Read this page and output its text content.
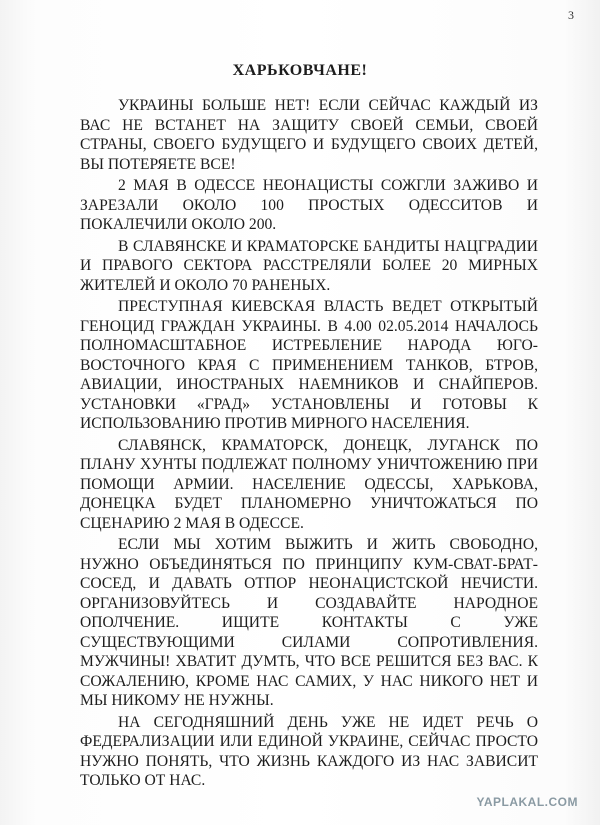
3
ХАРЬКОВЧАНЕ!

УКРАИНЫ БОЛЬШЕ НЕТ! ЕСЛИ СЕЙЧАС КАЖДЫЙ ИЗ ВАС НЕ ВСТАНЕТ НА ЗАЩИТУ СВОЕЙ СЕМЬИ, СВОЕЙ СТРАНЫ, СВОЕГО БУДУЩЕГО И БУДУЩЕГО СВОИХ ДЕТЕЙ, ВЫ ПОТЕРЯЕТЕ ВСЕ!

2 МАЯ В ОДЕССЕ НЕОНАЦИСТЫ СОЖГЛИ ЗАЖИВО И ЗАРЕЗАЛИ ОКОЛО 100 ПРОСТЫХ ОДЕССИТОВ И ПОКАЛЕЧИЛИ ОКОЛО 200.

В СЛАВЯНСКЕ И КРАМАТОРСКЕ БАНДИТЫ НАЦГРАДИИ И ПРАВОГО СЕКТОРА РАССТРЕЛЯЛИ БОЛЕЕ 20 МИРНЫХ ЖИТЕЛЕЙ И ОКОЛО 70 РАНЕНЫХ.

ПРЕСТУПНАЯ КИЕВСКАЯ ВЛАСТЬ ВЕДЕТ ОТКРЫТЫЙ ГЕНОЦИД ГРАЖДАН УКРАИНЫ. В 4.00 02.05.2014 НАЧАЛОСЬ ПОЛНОМАСШТАБНОЕ ИСТРЕБЛЕНИЕ НАРОДА ЮГО-ВОСТОЧНОГО КРАЯ С ПРИМЕНЕНИЕМ ТАНКОВ, БТРОВ, АВИАЦИИ, ИНОСТРАНЫХ НАЕМНИКОВ И СНАЙПЕРОВ. УСТАНОВКИ «ГРАД» УСТАНОВЛЕНЫ И ГОТОВЫ К ИСПОЛЬЗОВАНИЮ ПРОТИВ МИРНОГО НАСЕЛЕНИЯ.

СЛАВЯНСК, КРАМАТОРСК, ДОНЕЦК, ЛУГАНСК ПО ПЛАНУ ХУНТЫ ПОДЛЕЖАТ ПОЛНОМУ УНИЧТОЖЕНИЮ ПРИ ПОМОЩИ АРМИИ. НАСЕЛЕНИЕ ОДЕССЫ, ХАРЬКОВА, ДОНЕЦКА БУДЕТ ПЛАНОМЕРНО УНИЧТОЖАТЬСЯ ПО СЦЕНАРИЮ 2 МАЯ В ОДЕССЕ.

ЕСЛИ МЫ ХОТИМ ВЫЖИТЬ И ЖИТЬ СВОБОДНО, НУЖНО ОБЪЕДИНЯТЬСЯ ПО ПРИНЦИПУ КУМ-СВАТ-БРАТ-СОСЕД, И ДАВАТЬ ОТПОР НЕОНАЦИСТСКОЙ НЕЧИСТИ. ОРГАНИЗОВУЙТЕСЬ И СОЗДАВАЙТЕ НАРОДНОЕ ОПОЛЧЕНИЕ. ИЩИТЕ КОНТАКТЫ С УЖЕ СУЩЕСТВУЮЩИМИ СИЛАМИ СОПРОТИВЛЕНИЯ. МУЖЧИНЫ! ХВАТИТ ДУМТЬ, ЧТО ВСЕ РЕШИТСЯ БЕЗ ВАС. К СОЖАЛЕНИЮ, КРОМЕ НАС САМИХ, У НАС НИКОГО НЕТ И МЫ НИКОМУ НЕ НУЖНЫ.

НА СЕГОДНЯШНИЙ ДЕНЬ УЖЕ НЕ ИДЕТ РЕЧЬ О ФЕДЕРАЛИЗАЦИИ ИЛИ ЕДИНОЙ УКРАИНЕ, СЕЙЧАС ПРОСТО НУЖНО ПОНЯТЬ, ЧТО ЖИЗНЬ КАЖДОГО ИЗ НАС ЗАВИСИТ ТОЛЬКО ОТ НАС.

YAPLAKAL.COM
